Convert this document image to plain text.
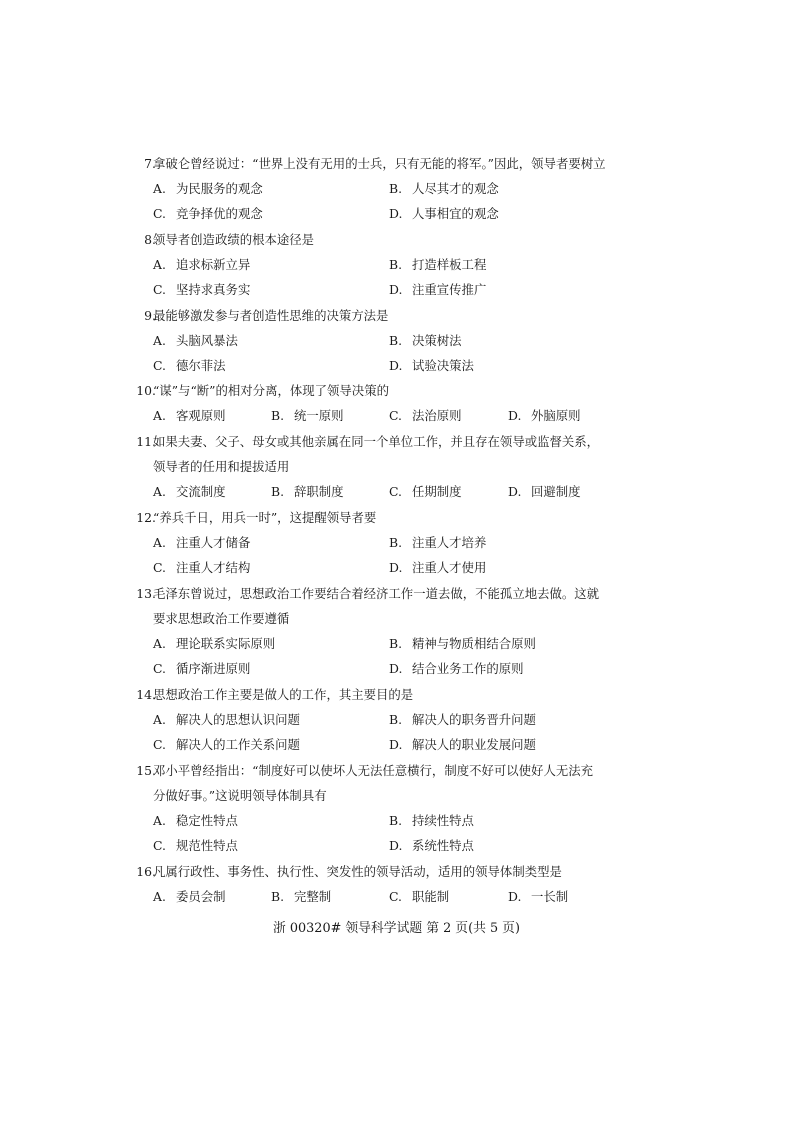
7.
拿破仑曾经说过：“世界上没有无用的士兵，只有无能的将军。”因此，领导者要树立
A. 为民服务的观念	B. 人尽其才的观念
C. 竞争择优的观念	D. 人事相宜的观念
8.
领导者创造政绩的根本途径是
A. 追求标新立异	B. 打造样板工程
C. 坚持求真务实	D. 注重宣传推广
9.
最能够激发参与者创造性思维的决策方法是
A. 头脑风暴法	B. 决策树法
C. 德尔菲法	D. 试验决策法
10.
“谋”与“断”的相对分离，体现了领导决策的
A. 客观原则	B. 统一原则	C. 法治原则	D. 外脑原则
11.
如果夫妻、父子、母女或其他亲属在同一个单位工作，并且存在领导或监督关系，
领导者的任用和提拔适用
A. 交流制度	B. 辞职制度	C. 任期制度	D. 回避制度
12.
“养兵千日，用兵一时”，这提醒领导者要
A. 注重人才储备	B. 注重人才培养
C. 注重人才结构	D. 注重人才使用
13.
毛泽东曾说过，思想政治工作要结合着经济工作一道去做，不能孤立地去做。这就
要求思想政治工作要遵循
A. 理论联系实际原则	B. 精神与物质相结合原则
C. 循序渐进原则	D. 结合业务工作的原则
14.
思想政治工作主要是做人的工作，其主要目的是
A. 解决人的思想认识问题	B. 解决人的职务晋升问题
C. 解决人的工作关系问题	D. 解决人的职业发展问题
15.
邓小平曾经指出：“制度好可以使坏人无法任意横行，制度不好可以使好人无法充
分做好事。”这说明领导体制具有
A. 稳定性特点	B. 持续性特点
C. 规范性特点	D. 系统性特点
16.
凡属行政性、事务性、执行性、突发性的领导活动，适用的领导体制类型是
A. 委员会制	B. 完整制	C. 职能制	D. 一长制
浙 00320# 领导科学试题 第 2 页(共 5 页)
